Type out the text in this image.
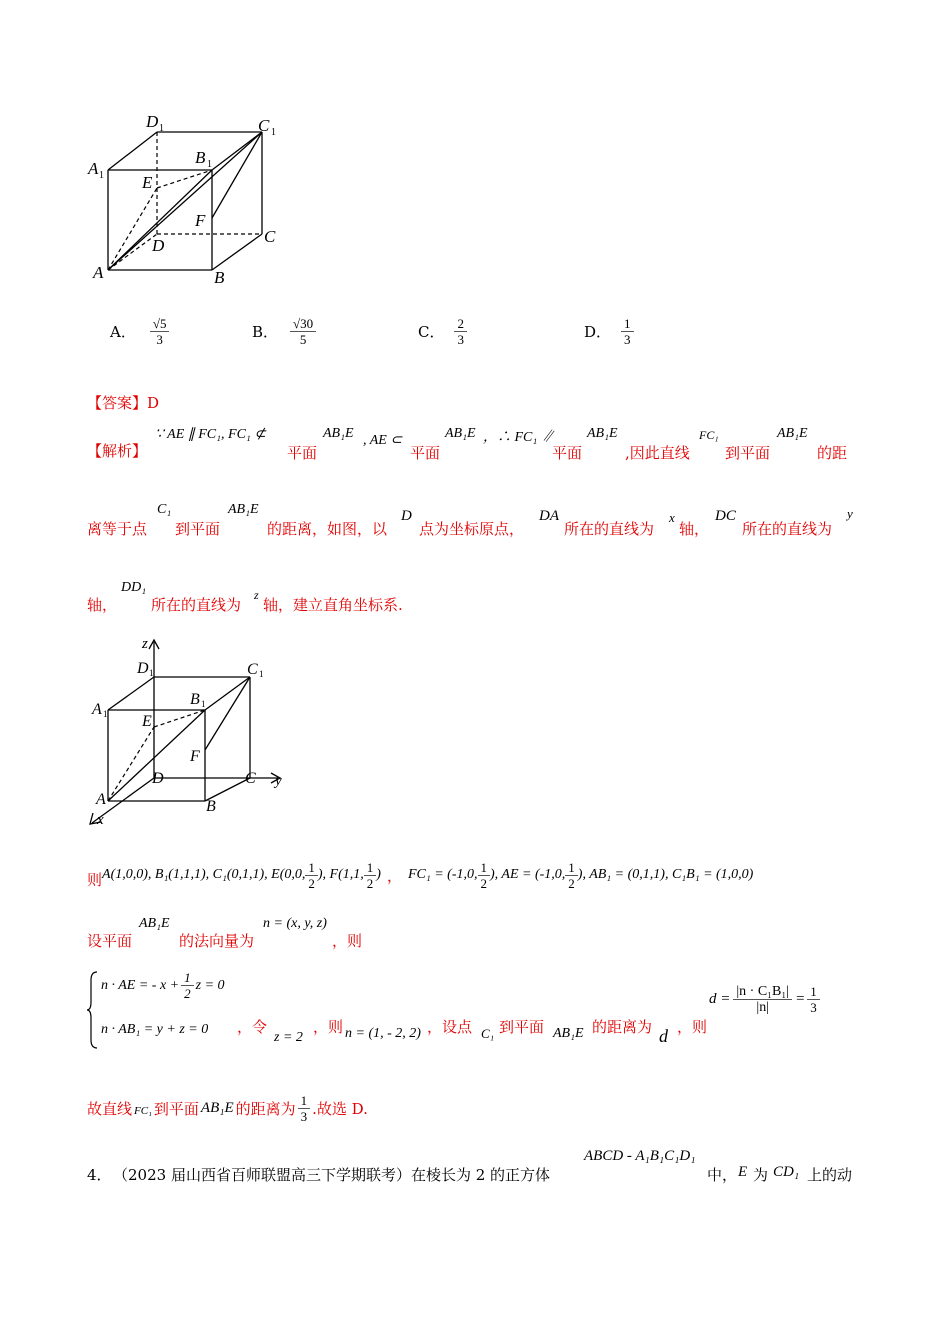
D 1	C 1
A 1
B 1
E
F
D	C
A	B
A． $\frac{√5}{3}$	B． $\frac{√30}{5}$	C． $\frac{2}{3}$	D． $\frac{1}{3}$
【答案】D
【解析】
∵ AE ∥ FC₁, FC₁ ⊄
平面
AB₁E , AE ⊂
平面
AB₁E ，∴ FC₁ ∥
平面
AB₁E
,因此直线
FC₁
到平面
AB₁E
的距
离等于点
C₁
到平面
AB₁E
的距离，如图，以
D
点为坐标原点，
DA
所在的直线为
x
轴，
DC
所在的直线为
y
轴，
DD₁
所在的直线为
z
轴，建立直角坐标系.
z
y
x
D 1	C 1
A 1
B 1
E
F
D	C
A	B
则 A(1,0,0), B₁(1,1,1), C₁(0,1,1), E(0,0, $\frac{1}{2}$ ), F(1,1, $\frac{1}{2}$ ) ， FC₁ = (-1,0, $\frac{1}{2}$ ), AE = (-1,0, $\frac{1}{2}$ ), AB₁ = (0,1,1), C₁B₁ = (1,0,0)
设平面
AB₁E
的法向量为
n = (x, y, z)
，则
n · AE = - $x + \frac{1}{2}$ z = 0
n · AB₁ = y + z = 0 ，令
z = 2
，则 n = (1, - 2, 2) ，设点 C₁ 到平面 AB₁E 的距离为 d ，则
$d = \frac{\text{|n · C₁B₁|}}{|n|} = \frac{1}{3}$
故直线 FC₁ 到平面 AB₁E 的距离为 $\frac{1}{3}$ .故选 D.
4． （2023 届山西省百师联盟高三下学期联考）在棱长为 2 的正方体
ABCD - A₁B₁C₁D₁
中， E 为 CD₁ 上的动
